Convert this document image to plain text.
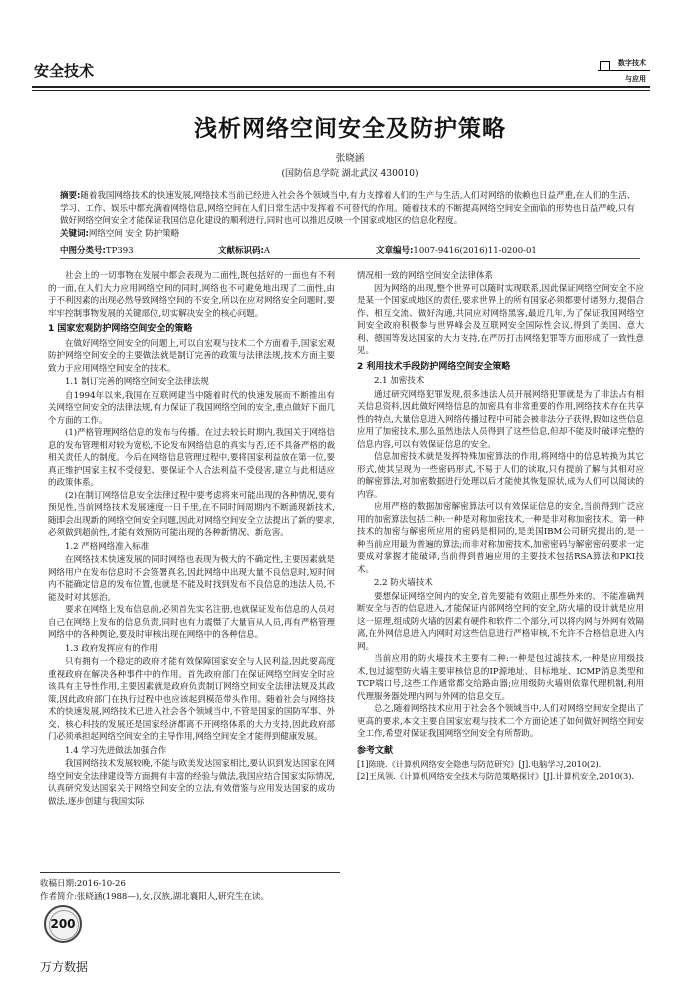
安全技术	数字技术
与应用
浅析网络空间安全及防护策略
张晓涵
(国防信息学院 湖北武汉 430010)
摘要:随着我国网络技术的快速发展,网络技术当前已经进入社会各个领域当中,有力支撑着人们的生产与生活,人们对网络的依赖也日益严重,在人们的生活、学习、工作、娱乐中都充满着网络信息,网络空间在人们日常生活中发挥着不可替代的作用。随着技术的不断提高网络空间安全面临的形势也日益严峻,只有做好网络空间安全才能保证我国信息化建设的顺利进行,同时也可以推迟反映一个国家或地区的信息化程度。
关键词:网络空间 安全 防护策略
中图分类号:TP393	文献标识码:A	文章编号:1007-9416(2016)11-0200-01

社会上的一切事物在发展中都会表现为二面性,既包括好的一面也有不利的一面,在人们大力应用网络空间的同时,网络也不可避免地出现了二面性,由于不利因素的出现必然导致网络空间的不安全,所以在应对网络安全问题时,要牢牢控制事物发展的关键部位,切实解决安全的核心问题。

1 国家宏观防护网络空间安全的策略

在做好网络空间安全的问题上,可以自宏观与技术二个方面着手,国家宏观防护网络空间安全的主要做法就是制订完善的政策与法律法规,技术方面主要致力于应用网络空间安全的技术。

1.1 制订完善的网络空间安全法律法规

自1994年以来,我国在互联网建当中随着时代的快速发展而不断推出有关网络空间安全的法律法规,有力保证了我国网络空间的安全,重点做好下面几个方面的工作。

(1)严格管理网络信息的发布与传播。在过去较长时期内,我国关于网络信息的发布管理相对较为宽松,不论发布网络信息的真实与否,还不具备严格的裁相关责任人的制度。今后在网络信息管理过程中,要将国家利益放在第一位,要真正维护国家主权不受侵犯、要保证个人合法利益不受侵害,建立与此相适应的政策体系。

(2)在制订网络信息安全法律过程中要考虑将来可能出现的各种情况,要有预见性,当前网络技术发展速度一日千里,在不同时间周期内不断涌现新技术,随即会出现新的网络空间安全问题,因此对网络空间安全立法提出了新的要求,必须做到超前性,才能有效预防可能出现的各种新情况、新危害。

1.2 严格网络准入标准

在网络技术快速发展的同时网络也表现为极大的不确定性,主要因素就是网络用户在发布信息时不会签署真名,因此网络中出现大量不良信息时,短时间内不能确定信息的发布位置,也就是不能及时找到发布不良信息的违法人员,不能及时对其惩治。

要求在网络上发布信息前,必须首先实名注册,也就保证发布信息的人员对自己在网络上发布的信息负责,同时也有力震慑了大量盲从人员,再有严格管理网络中的各种舆论,要及时审核出现在网络中的各种信息。

1.3 政府发挥应有的作用

只有拥有一个稳定的政府才能有效保障国家安全与人民利益,因此要高度重视政府在解决各种事件中的作用。首先政府部门在保证网络空间安全时应该具有主导性作用,主要因素就是政府负责制订网络空间安全法律法规及其政策,因此政府部门在执行过程中也应该起到模范带头作用。随着社会与网络技术的快速发展,网络技术已进入社会各个领域当中,不管是国家的国防军事、外交、核心科技的发展还是国家经济都离不开网络体系的大力支持,因此政府部门必须承担起网络空间安全的主导作用,网络空间安全才能得到健康发展。

1.4 学习先进做法加强合作

我国网络技术发展较晚,不能与欧美发达国家相比,要认识到发达国家在网络空间安全法律建设等方面拥有丰富的经验与做法,我国应结合国家实际情况,认真研究发达国家关于网络空间安全的立法,有效借鉴与应用发达国家的成功做法,逐步创建与我国实际

情况相一致的网络空间安全法律体系

因为网络的出现,整个世界可以随时实现联系,因此保证网络空间安全不应是某一个国家或地区的责任,要求世界上的所有国家必须都要付诸努力,提倡合作、相互交流、做好沟通,共同应对网络黑客,最近几年,为了保证我国网络空间安全政府积极参与世界峰会及互联网安全国际性会议,得到了美国、意大利、德国等发达国家的大力支持,在严厉打击网络犯罪等方面形成了一致性意见。

2 利用技术手段防护网络空间安全策略
2.1 加密技术

通过研究网络犯罪发现,很多违法人员开展网络犯罪就是为了非法占有相关信息资料,因此做好网络信息的加密具有非常重要的作用,网络技术存在共享性的特点,大量信息进入网络传播过程中可能会被非法分子获得,假如这些信息应用了加密技术,那么虽然违法人员得到了这些信息,但却不能及时破译完整的信息内容,可以有效保证信息的安全。

信息加密技术就是发挥特殊加密算法的作用,将网络中的信息转换为其它形式,使其呈现为一些密码形式,不易于人们的读取,只有提前了解与其相对应的解密算法,对加密数据进行处理以后才能使其恢复原状,成为人们可以阅读的内容。

应用严格的数据加密解密算法可以有效保证信息的安全,当前得到广泛应用的加密算法包括二种:一种是对称加密技术,一种是非对称加密技术。第一种技术的加密与解密所应用的密码是相同的,是美国IBM公司研究提出的,是一种当前应用最为普遍的算法;而非对称加密技术,加密密码与解密密码要求一定要成对掌握才能破译,当前得到普遍应用的主要技术包括RSA算法和PKI技术。

2.2 防火墙技术

要想保证网络空间内的安全,首先要能有效阻止那些外来的、不能准确判断安全与否的信息进入,才能保证内部网络空间的安全,防火墙的设计就是应用这一原理,组成防火墙的因素有硬件和软件二个部分,可以将内网与外网有效隔离,在外网信息进入内网时对这些信息进行严格审核,不允许不合格信息进入内网。

当前应用的防火墙技术主要有二种:一种是包过滤技术,一种是应用级技术,包过滤型防火墙主要审核信息的IP源地址、目标地址、ICMP消息类型和TCP端口号,这些工作通常都交给路由器;应用级防火墙则依靠代理机制,利用代理服务器处理内网与外网的信息交互。

总之,随着网络技术应用于社会各个领域当中,人们对网络空间安全提出了更高的要求,本文主要自国家宏观与技术二个方面论述了如何做好网络空间安全工作,希望对保证我国网络空间安全有所帮助。

参考文献

[1]陈晓.《计算机网络安全隐患与防范研究》[J].电脑学习,2010(2).

[2]王凤领.《计算机网络安全技术与防范策略探讨》[J].计算机安全,2010(3).

收稿日期:2016-10-26
作者简介:张晓涵(1988—),女,汉族,湖北襄阳人,研究生在读。
200
万方数据
